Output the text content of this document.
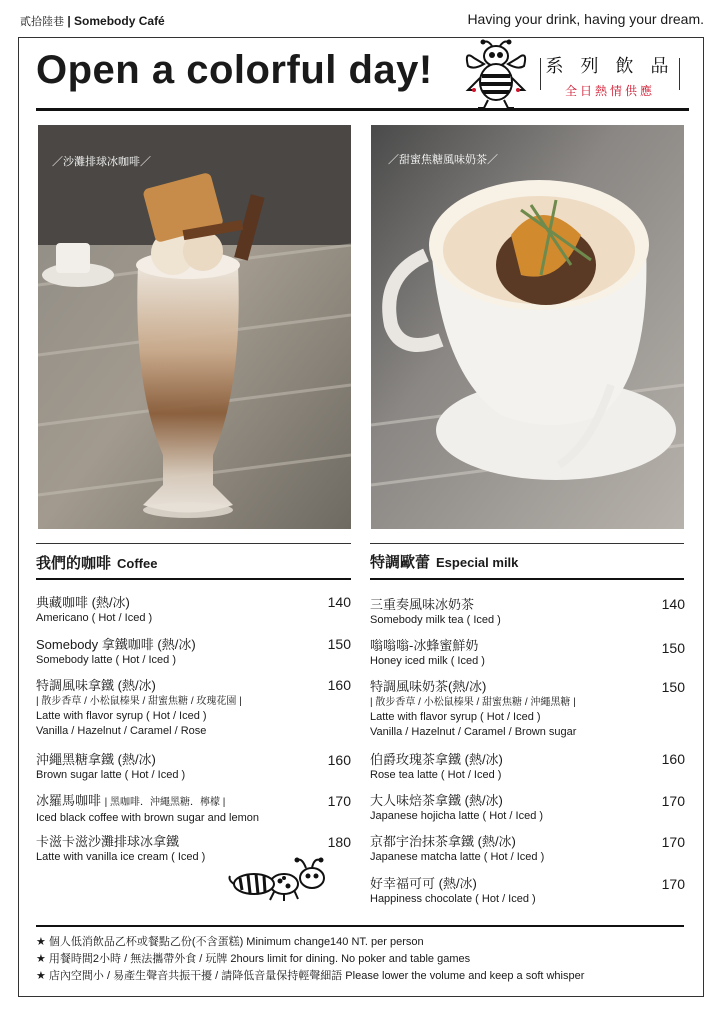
貳拾陸巷 | Somebody Café	Having your drink, having your dream.
Open a colorful day!	系 列 飲 品
全日熱情供應
／沙灘排球冰咖啡／	／甜蜜焦糖風味奶茶／
我們的咖啡 Coffee	特調歐蕾 Especial milk
典藏咖啡 (熱/冰)
Americano ( Hot / Iced )
140
Somebody 拿鐵咖啡 (熱/冰)
Somebody latte ( Hot / Iced )
150
特調風味拿鐵 (熱/冰)
| 散步香草 / 小松鼠榛果 / 甜蜜焦糖 / 玫瑰花園 |
Latte with flavor syrup ( Hot / Iced )
Vanilla / Hazelnut / Caramel / Rose
160
沖繩黑糖拿鐵 (熱/冰)
Brown sugar latte ( Hot / Iced )
160
冰羅馬咖啡 | 黑咖啡．沖繩黑糖．檸檬 |
Iced black coffee with brown sugar and lemon
170
卡滋卡滋沙灘排球冰拿鐵
Latte with vanilla ice cream ( Iced )
180
三重奏風味冰奶茶
Somebody milk tea ( Iced )
140
嗡嗡嗡-冰蜂蜜鮮奶
Honey iced milk ( Iced )
150
特調風味奶茶(熱/冰)
| 散步香草 / 小松鼠榛果 / 甜蜜焦糖 / 沖繩黑糖 |
Latte with flavor syrup ( Hot / Iced )
Vanilla / Hazelnut / Caramel / Brown sugar
150
伯爵玫瑰茶拿鐵 (熱/冰)
Rose tea latte ( Hot / Iced )
160
大人味焙茶拿鐵 (熱/冰)
Japanese hojicha latte ( Hot / Iced )
170
京都宇治抹茶拿鐵 (熱/冰)
Japanese matcha latte ( Hot / Iced )
170
好幸福可可 (熱/冰)
Happiness chocolate ( Hot / Iced )
170
★ 個人低消飲品乙杯或餐點乙份(不含蛋糕) Minimum change140 NT. per person
★ 用餐時間2小時 / 無法攜帶外食 / 玩牌 2hours limit for dining. No poker and table games
★ 店內空間小 / 易產生聲音共振干擾 / 請降低音量保持輕聲細語 Please lower the volume and keep a soft whisper
